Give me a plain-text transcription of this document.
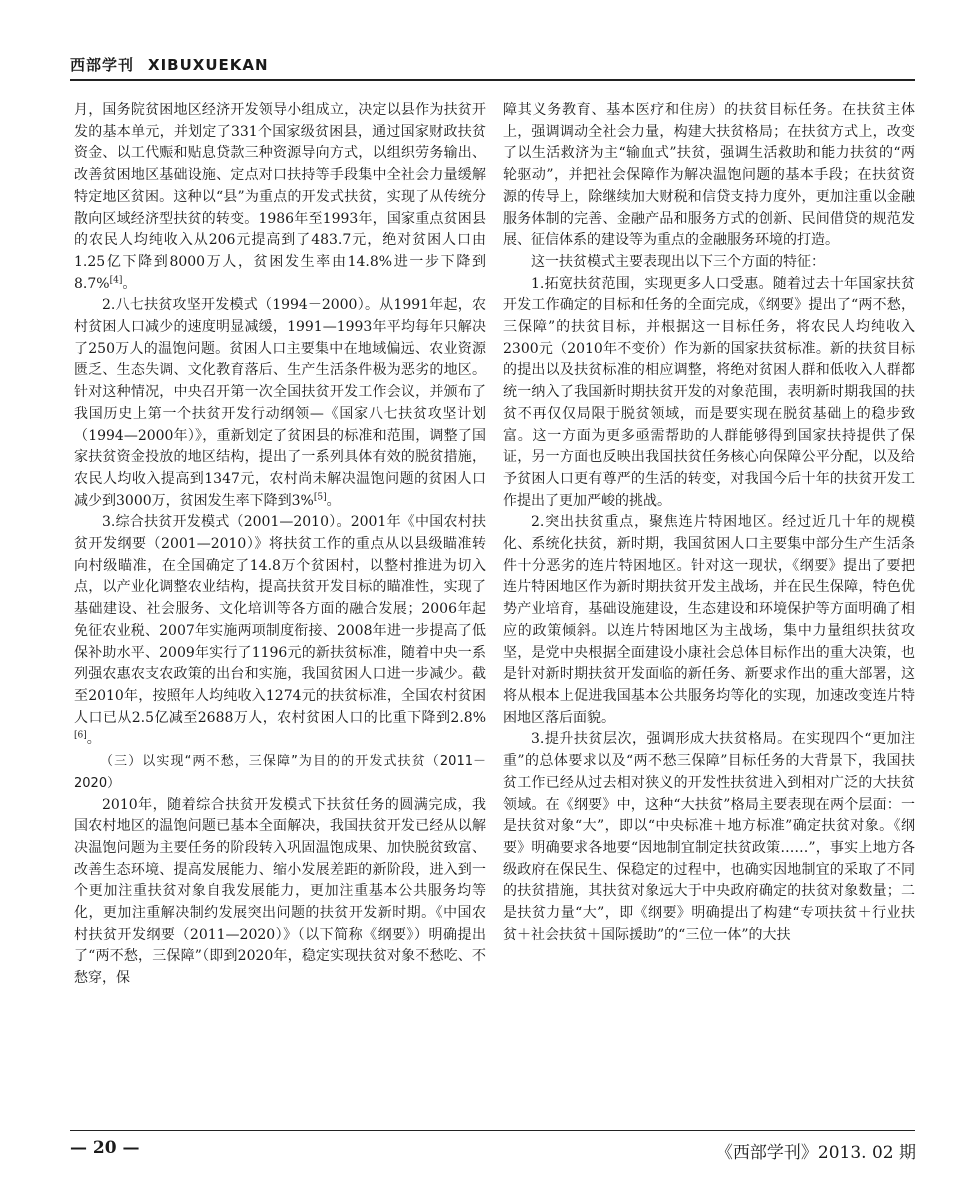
西部学刊 XIBUXUEKAN

月，国务院贫困地区经济开发领导小组成立，决定以县作为扶贫开发的基本单元，并划定了331个国家级贫困县，通过国家财政扶贫资金、以工代赈和贴息贷款三种资源导向方式，以组织劳务输出、改善贫困地区基础设施、定点对口扶持等手段集中全社会力量缓解特定地区贫困。这种以“县”为重点的开发式扶贫，实现了从传统分散向区域经济型扶贫的转变。1986年至1993年，国家重点贫困县的农民人均纯收入从206元提高到了483.7元，绝对贫困人口由1.25亿下降到8000万人，贫困发生率由14.8%进一步下降到8.7%[4]。

2.八七扶贫攻坚开发模式（1994－2000）。从1991年起，农村贫困人口减少的速度明显减缓，1991—1993年平均每年只解决了250万人的温饱问题。贫困人口主要集中在地域偏远、农业资源匮乏、生态失调、文化教育落后、生产生活条件极为恶劣的地区。针对这种情况，中央召开第一次全国扶贫开发工作会议，并颁布了我国历史上第一个扶贫开发行动纲领—《国家八七扶贫攻坚计划（1994—2000年）》，重新划定了贫困县的标准和范围，调整了国家扶贫资金投放的地区结构，提出了一系列具体有效的脱贫措施，农民人均收入提高到1347元，农村尚未解决温饱问题的贫困人口减少到3000万，贫困发生率下降到3%[5]。

3.综合扶贫开发模式（2001—2010）。2001年《中国农村扶贫开发纲要（2001—2010）》将扶贫工作的重点从以县级瞄准转向村级瞄准，在全国确定了14.8万个贫困村，以整村推进为切入点，以产业化调整农业结构，提高扶贫开发目标的瞄准性，实现了基础建设、社会服务、文化培训等各方面的融合发展；2006年起免征农业税、2007年实施两项制度衔接、2008年进一步提高了低保补助水平、2009年实行了1196元的新扶贫标准，随着中央一系列强农惠农支农政策的出台和实施，我国贫困人口进一步减少。截至2010年，按照年人均纯收入1274元的扶贫标准，全国农村贫困人口已从2.5亿减至2688万人，农村贫困人口的比重下降到2.8%[6]。

（三）以实现“两不愁，三保障”为目的的开发式扶贫（2011－2020）

2010年，随着综合扶贫开发模式下扶贫任务的圆满完成，我国农村地区的温饱问题已基本全面解决，我国扶贫开发已经从以解决温饱问题为主要任务的阶段转入巩固温饱成果、加快脱贫致富、改善生态环境、提高发展能力、缩小发展差距的新阶段，进入到一个更加注重扶贫对象自我发展能力，更加注重基本公共服务均等化，更加注重解决制约发展突出问题的扶贫开发新时期。《中国农村扶贫开发纲要（2011—2020）》（以下简称《纲要》）明确提出了“两不愁，三保障”（即到2020年，稳定实现扶贫对象不愁吃、不愁穿，保

障其义务教育、基本医疗和住房）的扶贫目标任务。在扶贫主体上，强调调动全社会力量，构建大扶贫格局；在扶贫方式上，改变了以生活救济为主“输血式”扶贫，强调生活救助和能力扶贫的“两轮驱动”，并把社会保障作为解决温饱问题的基本手段；在扶贫资源的传导上，除继续加大财税和信贷支持力度外，更加注重以金融服务体制的完善、金融产品和服务方式的创新、民间借贷的规范发展、征信体系的建设等为重点的金融服务环境的打造。

这一扶贫模式主要表现出以下三个方面的特征：

1.拓宽扶贫范围，实现更多人口受惠。随着过去十年国家扶贫开发工作确定的目标和任务的全面完成，《纲要》提出了“两不愁，三保障”的扶贫目标，并根据这一目标任务，将农民人均纯收入2300元（2010年不变价）作为新的国家扶贫标准。新的扶贫目标的提出以及扶贫标准的相应调整，将绝对贫困人群和低收入人群都统一纳入了我国新时期扶贫开发的对象范围，表明新时期我国的扶贫不再仅仅局限于脱贫领域，而是要实现在脱贫基础上的稳步致富。这一方面为更多亟需帮助的人群能够得到国家扶持提供了保证，另一方面也反映出我国扶贫任务核心向保障公平分配，以及给予贫困人口更有尊严的生活的转变，对我国今后十年的扶贫开发工作提出了更加严峻的挑战。

2.突出扶贫重点，聚焦连片特困地区。经过近几十年的规模化、系统化扶贫，新时期，我国贫困人口主要集中部分生产生活条件十分恶劣的连片特困地区。针对这一现状，《纲要》提出了要把连片特困地区作为新时期扶贫开发主战场，并在民生保障，特色优势产业培育，基础设施建设，生态建设和环境保护等方面明确了相应的政策倾斜。以连片特困地区为主战场，集中力量组织扶贫攻坚，是党中央根据全面建设小康社会总体目标作出的重大决策，也是针对新时期扶贫开发面临的新任务、新要求作出的重大部署，这将从根本上促进我国基本公共服务均等化的实现，加速改变连片特困地区落后面貌。

3.提升扶贫层次，强调形成大扶贫格局。在实现四个“更加注重”的总体要求以及“两不愁三保障”目标任务的大背景下，我国扶贫工作已经从过去相对狭义的开发性扶贫进入到相对广泛的大扶贫领域。在《纲要》中，这种“大扶贫”格局主要表现在两个层面：一是扶贫对象“大”，即以“中央标准＋地方标准”确定扶贫对象。《纲要》明确要求各地要“因地制宜制定扶贫政策……”，事实上地方各级政府在保民生、保稳定的过程中，也确实因地制宜的采取了不同的扶贫措施，其扶贫对象远大于中央政府确定的扶贫对象数量；二是扶贫力量“大”，即《纲要》明确提出了构建“专项扶贫＋行业扶贫＋社会扶贫＋国际援助”的“三位一体”的大扶

— 20 —	《西部学刊》2013. 02 期
